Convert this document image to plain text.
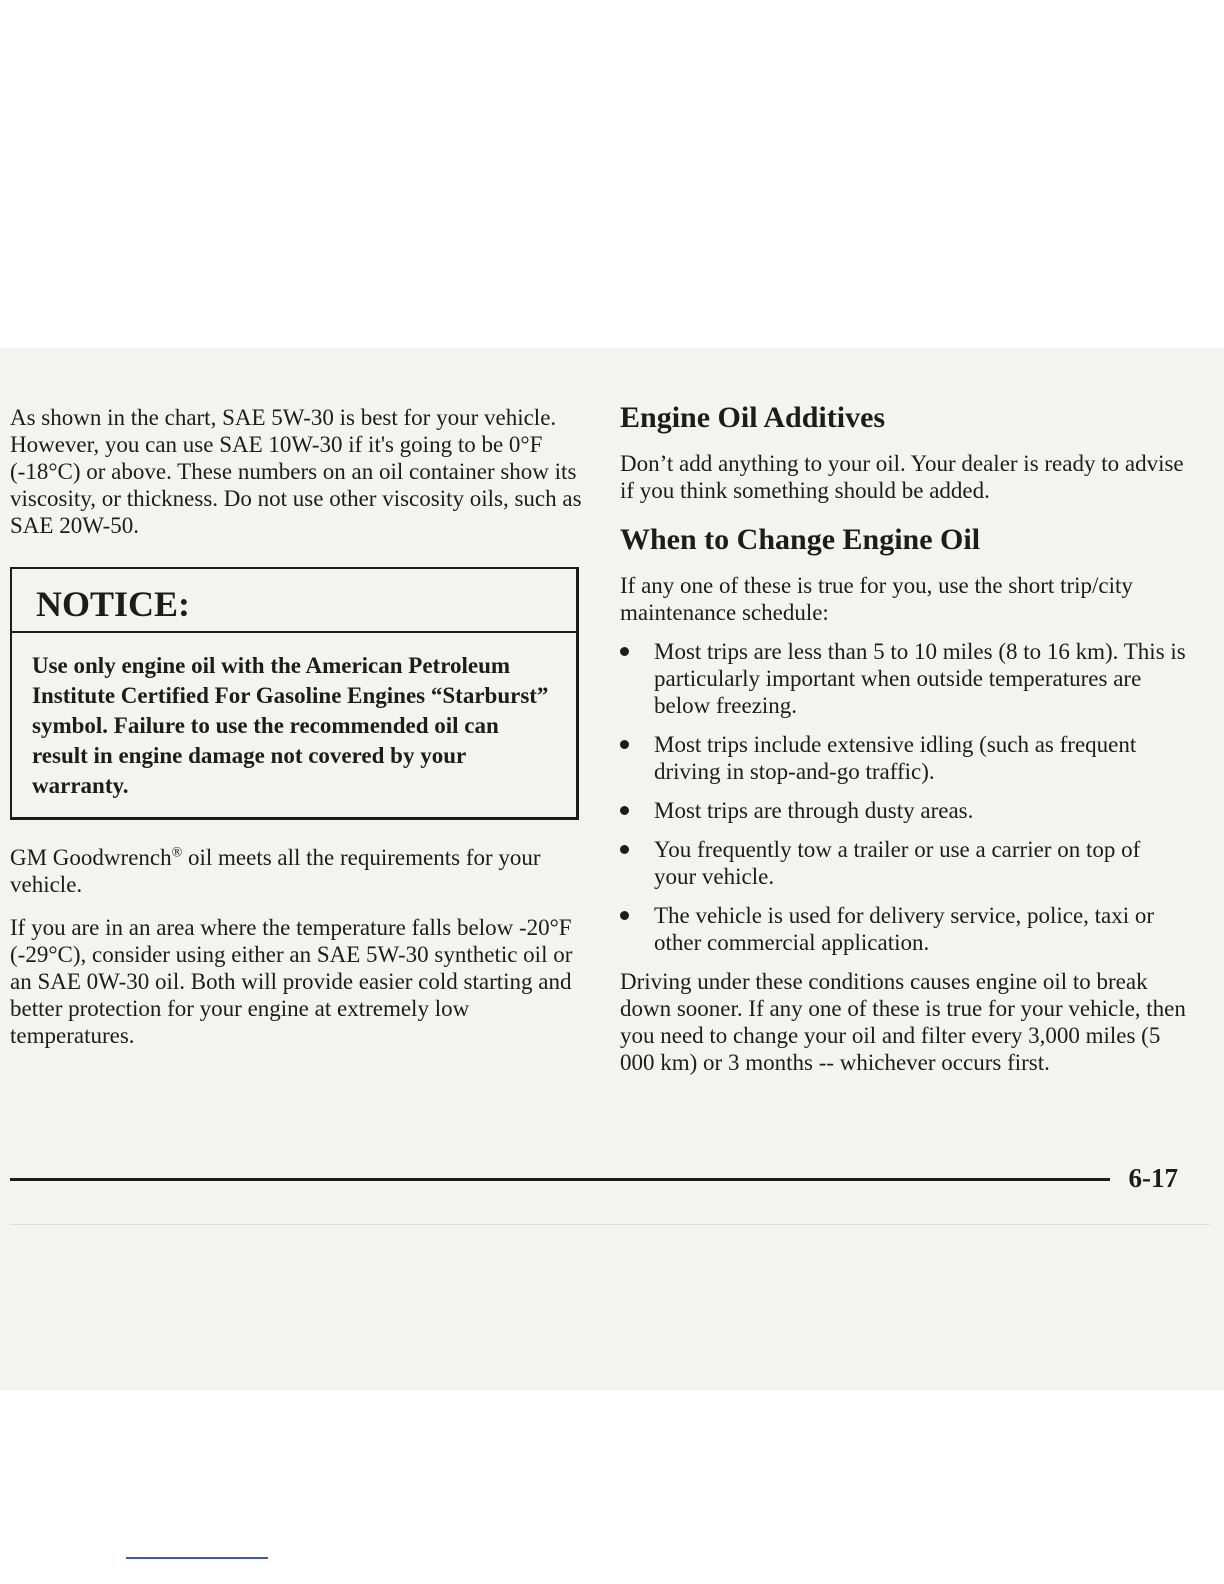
As shown in the chart, SAE 5W-30 is best for your vehicle. However, you can use SAE 10W-30 if it's going to be 0°F (-18°C) or above. These numbers on an oil container show its viscosity, or thickness. Do not use other viscosity oils, such as SAE 20W-50.

NOTICE:
Use only engine oil with the American Petroleum Institute Certified For Gasoline Engines “Starburst” symbol. Failure to use the recommended oil can result in engine damage not covered by your warranty.

GM Goodwrench® oil meets all the requirements for your vehicle.

If you are in an area where the temperature falls below -20°F (-29°C), consider using either an SAE 5W-30 synthetic oil or an SAE 0W-30 oil. Both will provide easier cold starting and better protection for your engine at extremely low temperatures.

Engine Oil Additives

Don’t add anything to your oil. Your dealer is ready to advise if you think something should be added.

When to Change Engine Oil

If any one of these is true for you, use the short trip/city maintenance schedule:

Most trips are less than 5 to 10 miles (8 to 16 km). This is particularly important when outside temperatures are below freezing.
Most trips include extensive idling (such as frequent driving in stop-and-go traffic).
Most trips are through dusty areas.
You frequently tow a trailer or use a carrier on top of your vehicle.
The vehicle is used for delivery service, police, taxi or other commercial application.

Driving under these conditions causes engine oil to break down sooner. If any one of these is true for your vehicle, then you need to change your oil and filter every 3,000 miles (5 000 km) or 3 months -- whichever occurs first.

6-17
